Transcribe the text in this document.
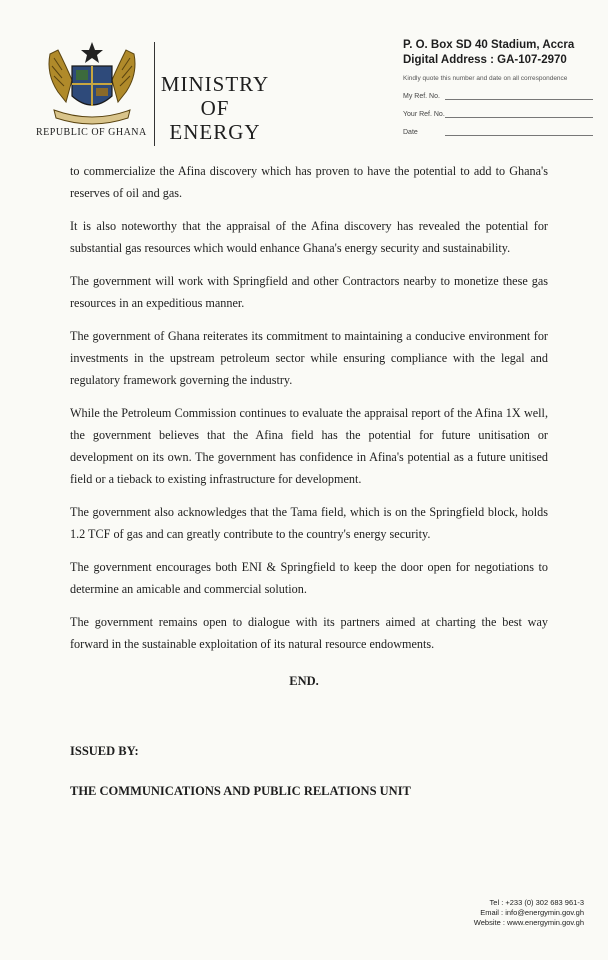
REPUBLIC OF GHANA
MINISTRY
OF
ENERGY
P. O. Box SD 40 Stadium, Accra
Digital Address : GA-107-2970
Kindly quote this number and date on all correspondence
My Ref. No.
Your Ref. No.
Date

to commercialize the Afina discovery which has proven to have the potential to add to Ghana's reserves of oil and gas.

It is also noteworthy that the appraisal of the Afina discovery has revealed the potential for substantial gas resources which would enhance Ghana's energy security and sustainability.

The government will work with Springfield and other Contractors nearby to monetize these gas resources in an expeditious manner.

The government of Ghana reiterates its commitment to maintaining a conducive environment for investments in the upstream petroleum sector while ensuring compliance with the legal and regulatory framework governing the industry.

While the Petroleum Commission continues to evaluate the appraisal report of the Afina 1X well, the government believes that the Afina field has the potential for future unitisation or development on its own. The government has confidence in Afina's potential as a future unitised field or a tieback to existing infrastructure for development.

The government also acknowledges that the Tama field, which is on the Springfield block, holds 1.2 TCF of gas and can greatly contribute to the country's energy security.

The government encourages both ENI & Springfield to keep the door open for negotiations to determine an amicable and commercial solution.

The government remains open to dialogue with its partners aimed at charting the best way forward in the sustainable exploitation of its natural resource endowments.

END.
ISSUED BY:
THE COMMUNICATIONS AND PUBLIC RELATIONS UNIT
Tel : +233 (0) 302 683 961-3
Email : info@energymin.gov.gh
Website : www.energymin.gov.gh
